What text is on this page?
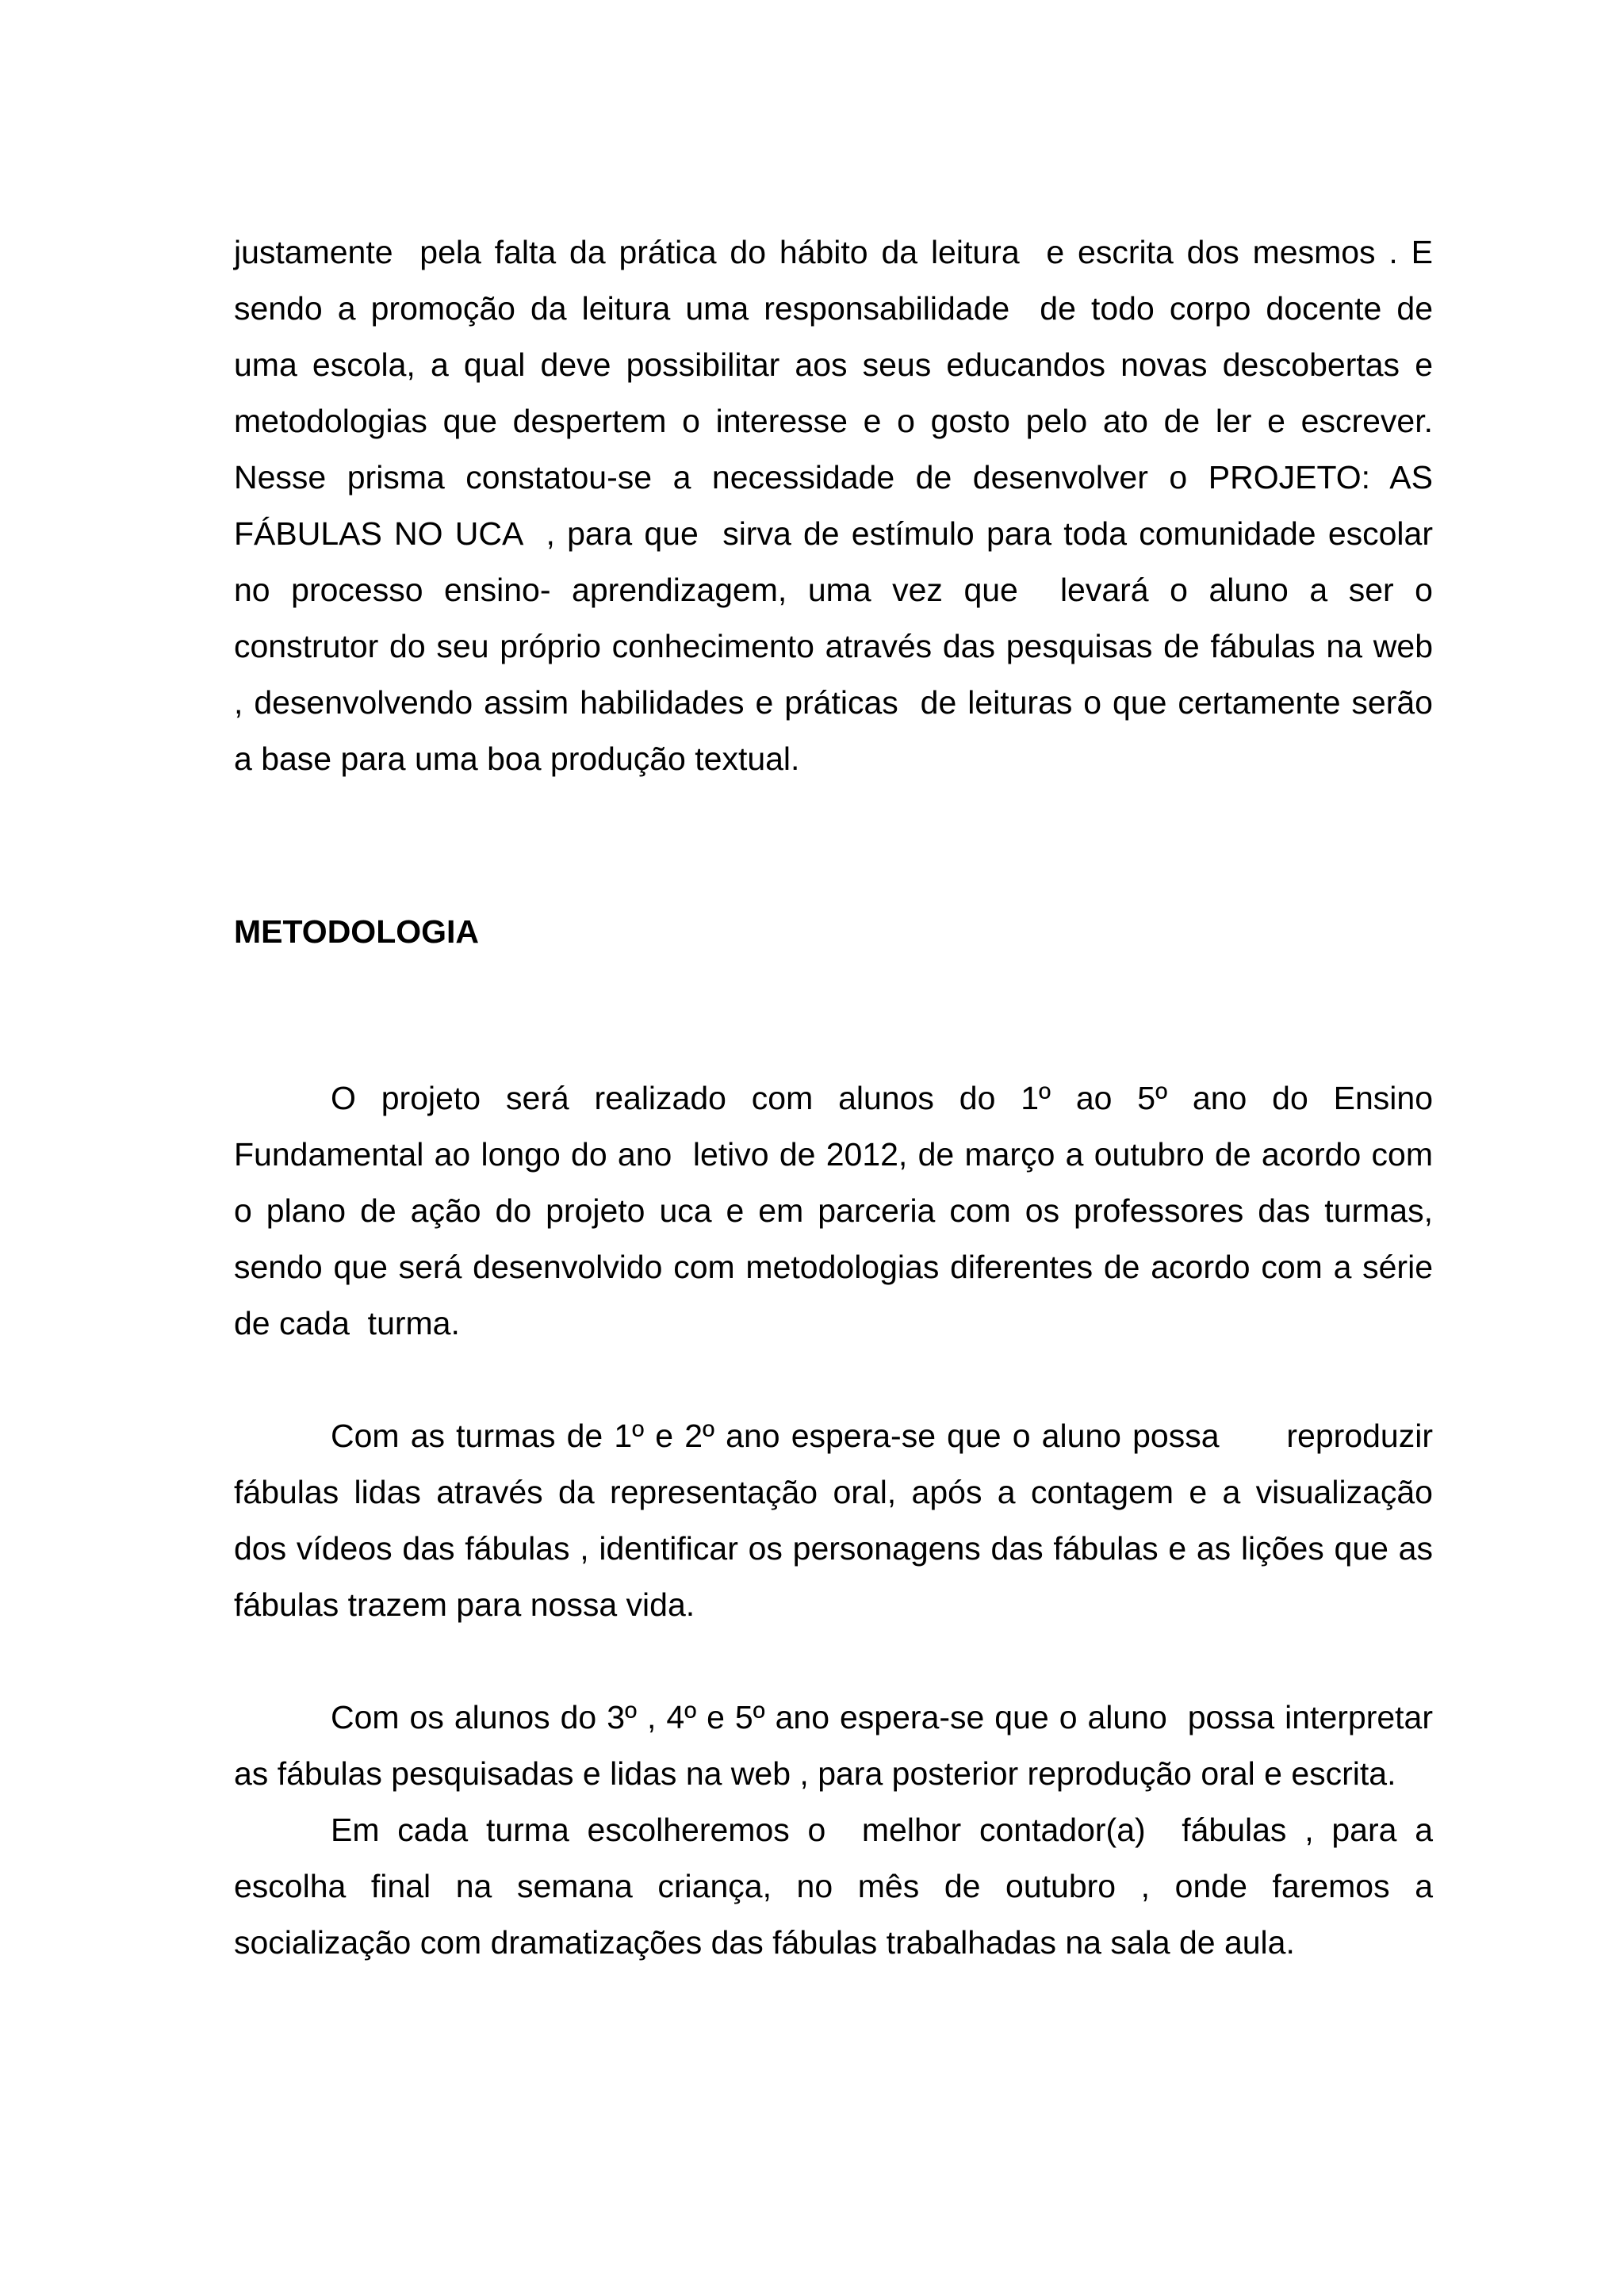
justamente  pela falta da prática do hábito da leitura  e escrita dos mesmos . E
sendo a promoção da leitura uma responsabilidade  de todo corpo docente de
uma escola, a qual deve possibilitar aos seus educandos novas descobertas e
metodologias que despertem o interesse e o gosto pelo ato de ler e escrever.
Nesse prisma constatou-se a necessidade de desenvolver o PROJETO: AS
FÁBULAS NO UCA  , para que  sirva de estímulo para toda comunidade escolar
no processo ensino- aprendizagem, uma vez que  levará o aluno a ser o
construtor do seu próprio conhecimento através das pesquisas de fábulas na web
, desenvolvendo assim habilidades e práticas  de leituras o que certamente serão
a base para uma boa produção textual.
METODOLOGIA
O projeto será realizado com alunos do 1º ao 5º ano do Ensino
Fundamental ao longo do ano  letivo de 2012, de março a outubro de acordo com
o plano de ação do projeto uca e em parceria com os professores das turmas,
sendo que será desenvolvido com metodologias diferentes de acordo com a série
de cada  turma.
Com as turmas de 1º e 2º ano espera-se que o aluno possa      reproduzir
fábulas lidas através da representação oral, após a contagem e a visualização
dos vídeos das fábulas , identificar os personagens das fábulas e as lições que as
fábulas trazem para nossa vida.
Com os alunos do 3º , 4º e 5º ano espera-se que o aluno  possa interpretar
as fábulas pesquisadas e lidas na web , para posterior reprodução oral e escrita.
Em cada turma escolheremos o  melhor contador(a)  fábulas , para a
escolha final na semana criança, no mês de outubro , onde faremos a
socialização com dramatizações das fábulas trabalhadas na sala de aula.
